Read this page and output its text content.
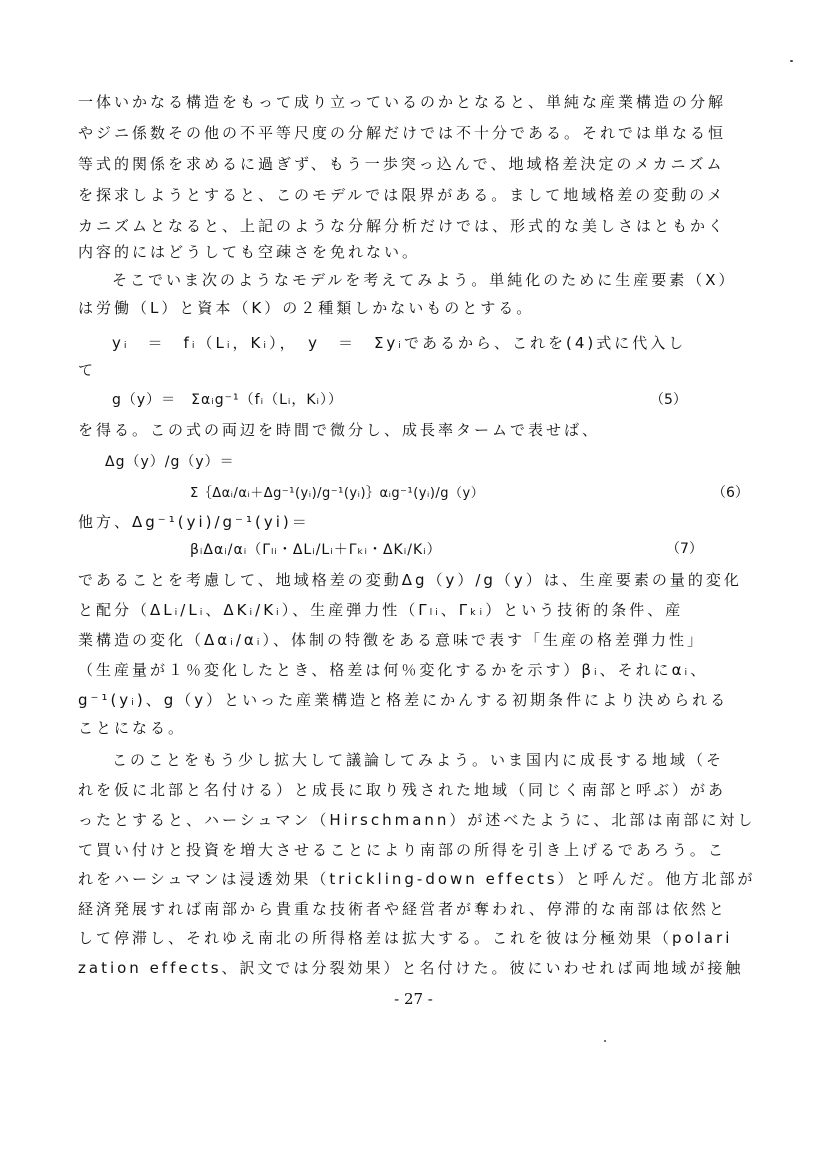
一体いかなる構造をもって成り立っているのかとなると、単純な産業構造の分解
やジニ係数その他の不平等尺度の分解だけでは不十分である。それでは単なる恒
等式的関係を求めるに過ぎず、もう一歩突っ込んで、地域格差決定のメカニズム
を探求しようとすると、このモデルでは限界がある。まして地域格差の変動のメ
カニズムとなると、上記のような分解分析だけでは、形式的な美しさはともかく
内容的にはどうしても空疎さを免れない。
そこでいま次のようなモデルを考えてみよう。単純化のために生産要素（X）
は労働（L）と資本（K）の２種類しかないものとする。
yᵢ　＝　fᵢ（Lᵢ，Kᵢ），　y　＝　Σyᵢであるから、これを(4)式に代入し
て
g（y）＝　Σαᵢg⁻¹（fᵢ（Lᵢ，Kᵢ））	（5）
を得る。この式の両辺を時間で微分し、成長率タームで表せば、
Δg（y）/g（y）＝
Σ｛Δαᵢ/αᵢ＋Δg⁻¹(yᵢ)/g⁻¹(yᵢ)｝αᵢg⁻¹(yᵢ)/g（y）	（6）
他方、Δg⁻¹(yi)/g⁻¹(yi)＝
βᵢΔαᵢ/αᵢ（Γₗᵢ・ΔLᵢ/Lᵢ＋Γₖᵢ・ΔKᵢ/Kᵢ）	（7）
であることを考慮して、地域格差の変動Δg（y）/g（y）は、生産要素の量的変化
と配分（ΔLᵢ/Lᵢ、ΔKᵢ/Kᵢ）、生産弾力性（Γₗᵢ、Γₖᵢ）という技術的条件、産
業構造の変化（Δαᵢ/αᵢ）、体制の特徴をある意味で表す「生産の格差弾力性」
（生産量が１％変化したとき、格差は何％変化するかを示す）βᵢ、それにαᵢ、
g⁻¹(yᵢ)、g（y）といった産業構造と格差にかんする初期条件により決められる
ことになる。
このことをもう少し拡大して議論してみよう。いま国内に成長する地域（そ
れを仮に北部と名付ける）と成長に取り残された地域（同じく南部と呼ぶ）があ
ったとすると、ハーシュマン（Hirschmann）が述べたように、北部は南部に対し
て買い付けと投資を増大させることにより南部の所得を引き上げるであろう。こ
れをハーシュマンは浸透効果（trickling-down effects）と呼んだ。他方北部が
経済発展すれば南部から貴重な技術者や経営者が奪われ、停滞的な南部は依然と
して停滞し、それゆえ南北の所得格差は拡大する。これを彼は分極効果（polari
zation effects、訳文では分裂効果）と名付けた。彼にいわせれば両地域が接触
- 27 -
